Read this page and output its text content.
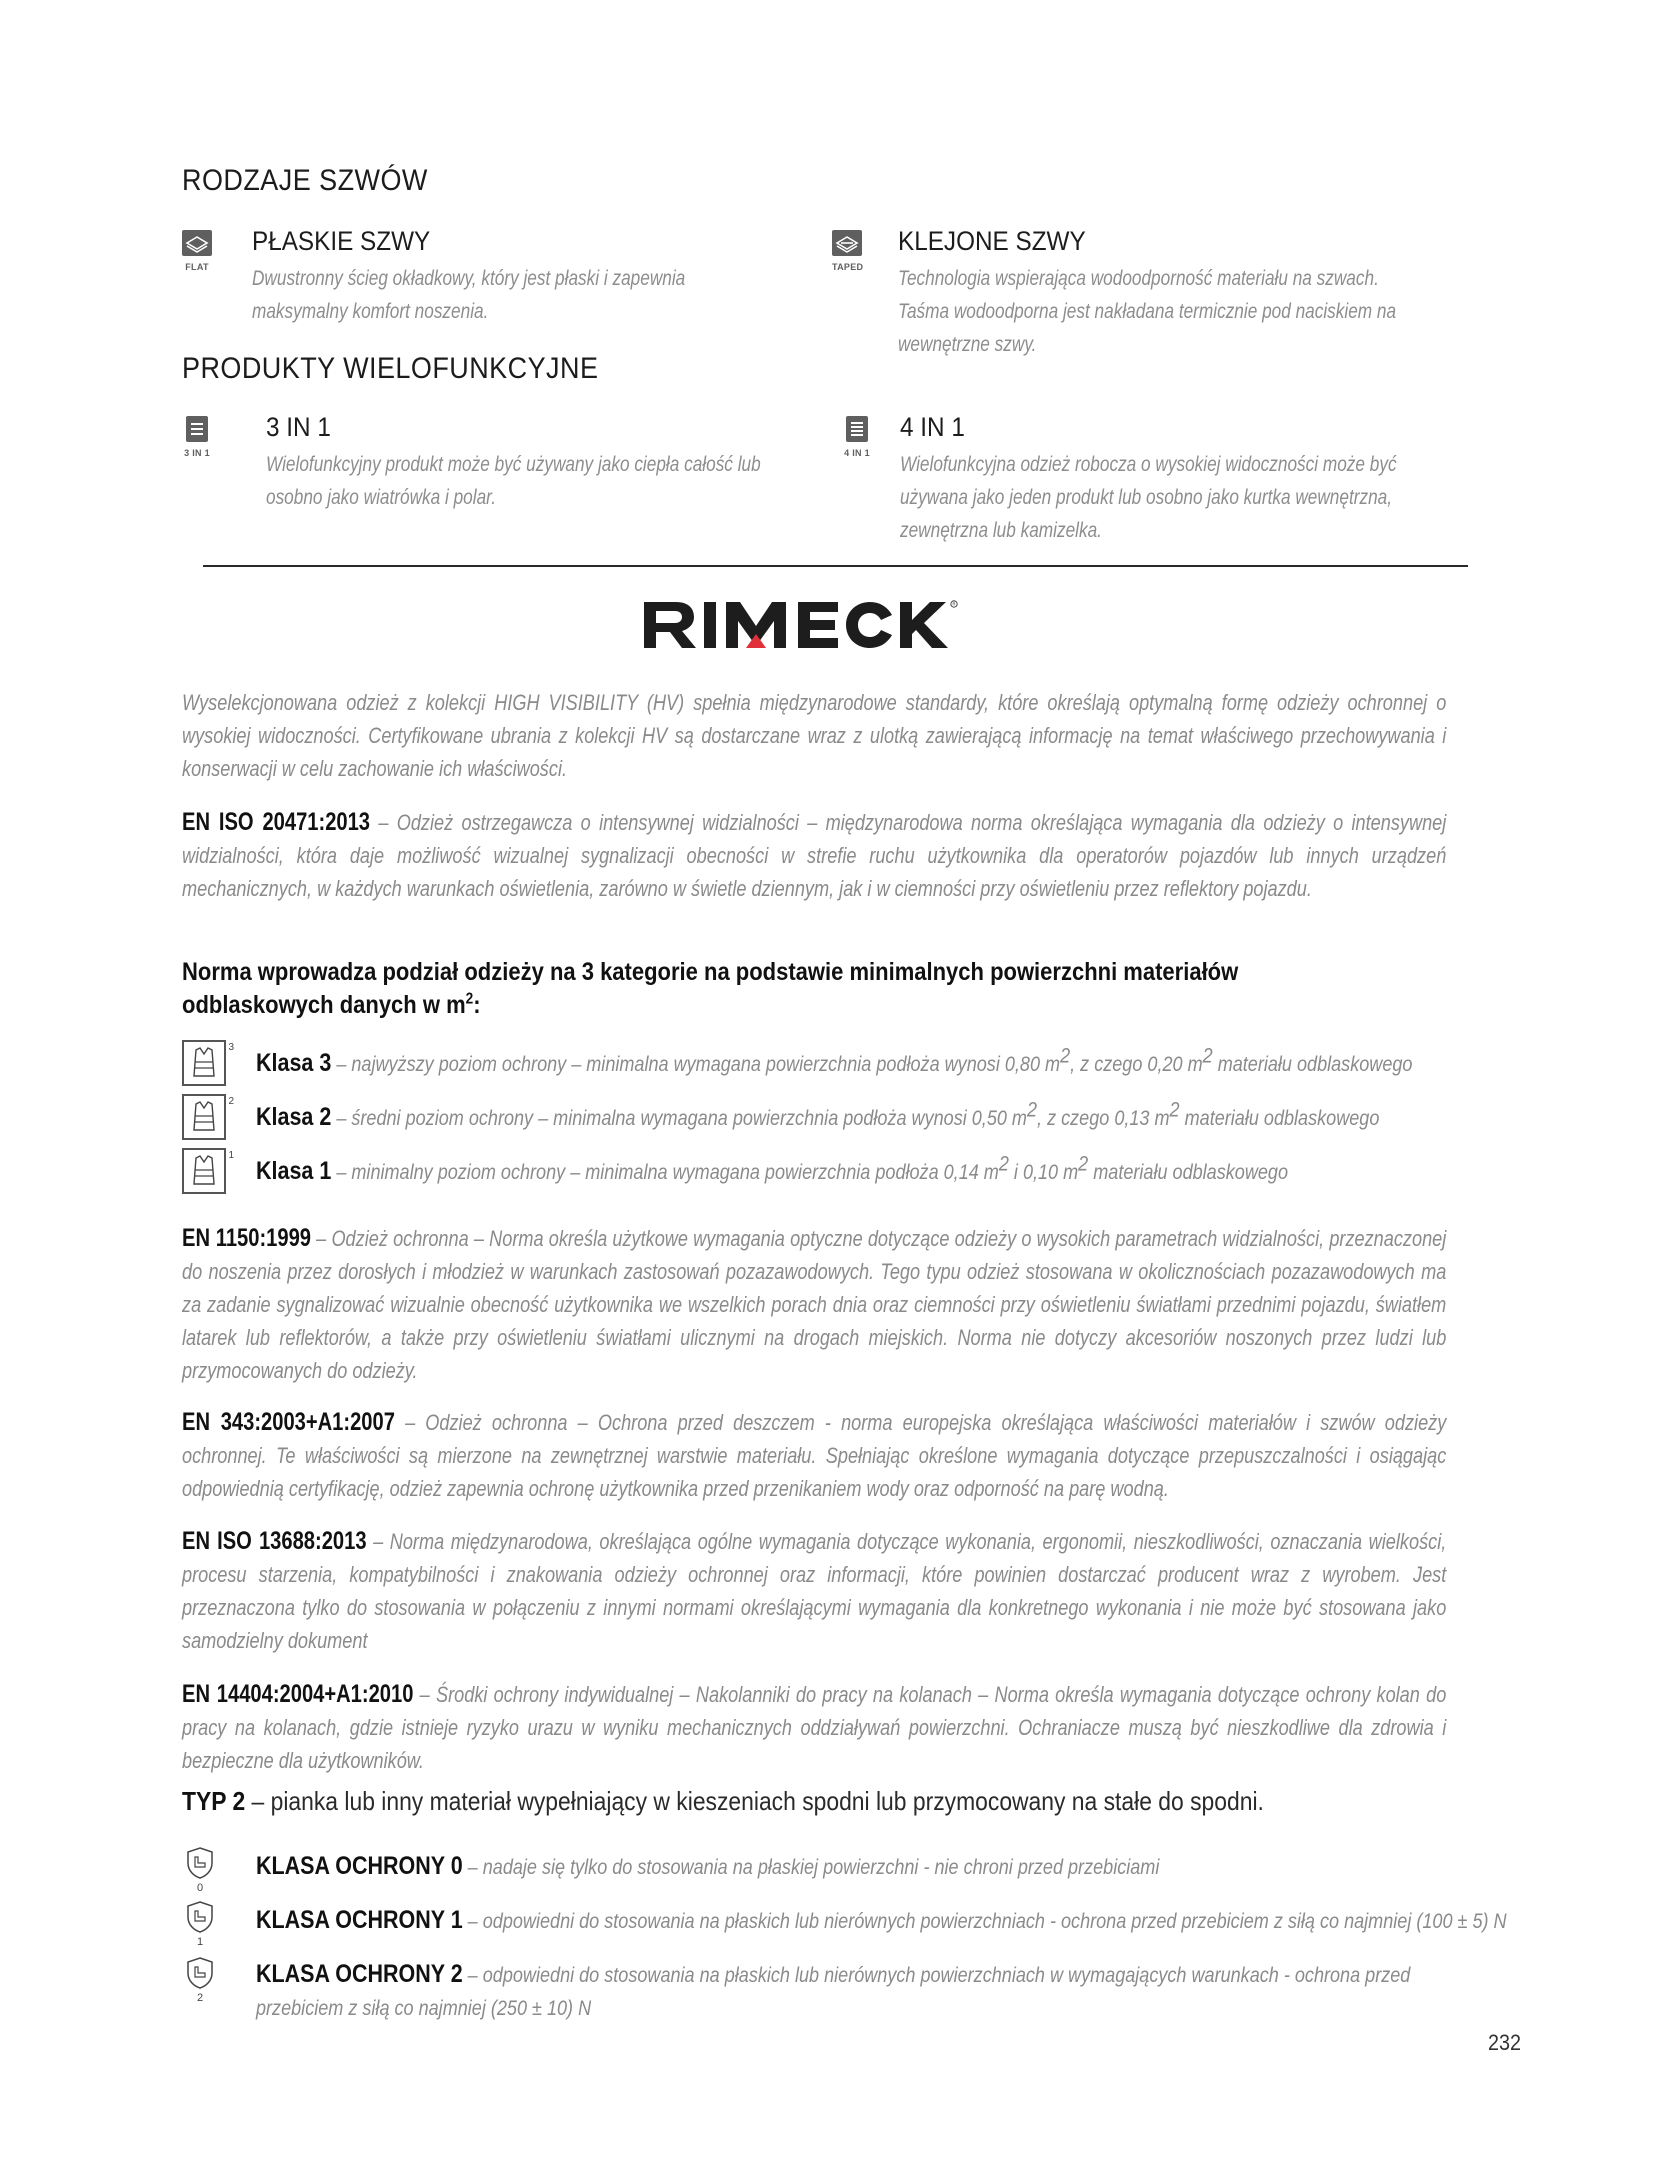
RODZAJE SZWÓW
FLAT
PŁASKIE SZWY
Dwustronny ścieg okładkowy, który jest płaski i zapewnia
maksymalny komfort noszenia.
TAPED
KLEJONE SZWY
Technologia wspierająca wodoodporność materiału na szwach.
Taśma wodoodporna jest nakładana termicznie pod naciskiem na
wewnętrzne szwy.
PRODUKTY WIELOFUNKCYJNE
3 IN 1
3 IN 1
Wielofunkcyjny produkt może być używany jako ciepła całość lub
osobno jako wiatrówka i polar.
4 IN 1
4 IN 1
Wielofunkcyjna odzież robocza o wysokiej widoczności może być
używana jako jeden produkt lub osobno jako kurtka wewnętrzna,
zewnętrzna lub kamizelka.
R
Wyselekcjonowana odzież z kolekcji HIGH VISIBILITY (HV) spełnia międzynarodowe standardy, które określają optymalną formę odzieży ochronnej o wysokiej widoczności. Certyfikowane ubrania z kolekcji HV są dostarczane wraz z ulotką zawierającą informację na temat właściwego przechowywania i konserwacji w celu zachowanie ich właściwości.
EN ISO 20471:2013 – Odzież ostrzegawcza o intensywnej widzialności – międzynarodowa norma określająca wymagania dla odzieży o intensywnej widzialności, która daje możliwość wizualnej sygnalizacji obecności w strefie ruchu użytkownika dla operatorów pojazdów lub innych urządzeń mechanicznych, w każdych warunkach oświetlenia, zarówno w świetle dziennym, jak i w ciemności przy oświetleniu przez reflektory pojazdu.
Norma wprowadza podział odzieży na 3 kategorie na podstawie minimalnych powierzchni materiałów
odblaskowych danych w $m^2$:
3
Klasa 3 – najwyższy poziom ochrony – minimalna wymagana powierzchnia podłoża wynosi 0,80 m2, z czego 0,20 m2 materiału odblaskowego
2
Klasa 2 – średni poziom ochrony – minimalna wymagana powierzchnia podłoża wynosi 0,50 m2, z czego 0,13 m2 materiału odblaskowego
1
Klasa 1 – minimalny poziom ochrony – minimalna wymagana powierzchnia podłoża 0,14 m2 i 0,10 m2 materiału odblaskowego
EN 1150:1999 – Odzież ochronna – Norma określa użytkowe wymagania optyczne dotyczące odzieży o wysokich parametrach widzialności, przeznaczonej do noszenia przez dorosłych i młodzież w warunkach zastosowań pozazawodowych. Tego typu odzież stosowana w okolicznościach pozazawodowych ma za zadanie sygnalizować wizualnie obecność użytkownika we wszelkich porach dnia oraz ciemności przy oświetleniu światłami przednimi pojazdu, światłem latarek lub reflektorów, a także przy oświetleniu światłami ulicznymi na drogach miejskich. Norma nie dotyczy akcesoriów noszonych przez ludzi lub przymocowanych do odzieży.
EN 343:2003+A1:2007 – Odzież ochronna – Ochrona przed deszczem - norma europejska określająca właściwości materiałów i szwów odzieży ochronnej. Te właściwości są mierzone na zewnętrznej warstwie materiału. Spełniając określone wymagania dotyczące przepuszczalności i osiągając odpowiednią certyfikację, odzież zapewnia ochronę użytkownika przed przenikaniem wody oraz odporność na parę wodną.
EN ISO 13688:2013 – Norma międzynarodowa, określająca ogólne wymagania dotyczące wykonania, ergonomii, nieszkodliwości, oznaczania wielkości, procesu starzenia, kompatybilności i znakowania odzieży ochronnej oraz informacji, które powinien dostarczać producent wraz z wyrobem. Jest przeznaczona tylko do stosowania w połączeniu z innymi normami określającymi wymagania dla konkretnego wykonania i nie może być stosowana jako samodzielny dokument
EN 14404:2004+A1:2010 – Środki ochrony indywidualnej – Nakolanniki do pracy na kolanach – Norma określa wymagania dotyczące ochrony kolan do pracy na kolanach, gdzie istnieje ryzyko urazu w wyniku mechanicznych oddziaływań powierzchni. Ochraniacze muszą być nieszkodliwe dla zdrowia i bezpieczne dla użytkowników.
TYP 2 – pianka lub inny materiał wypełniający w kieszeniach spodni lub przymocowany na stałe do spodni.
0
KLASA OCHRONY 0 – nadaje się tylko do stosowania na płaskiej powierzchni - nie chroni przed przebiciami
1
KLASA OCHRONY 1 – odpowiedni do stosowania na płaskich lub nierównych powierzchniach - ochrona przed przebiciem z siłą co najmniej (100 ± 5) N
2
KLASA OCHRONY 2 – odpowiedni do stosowania na płaskich lub nierównych powierzchniach w wymagających warunkach - ochrona przed
przebiciem z siłą co najmniej (250 ± 10) N
232
